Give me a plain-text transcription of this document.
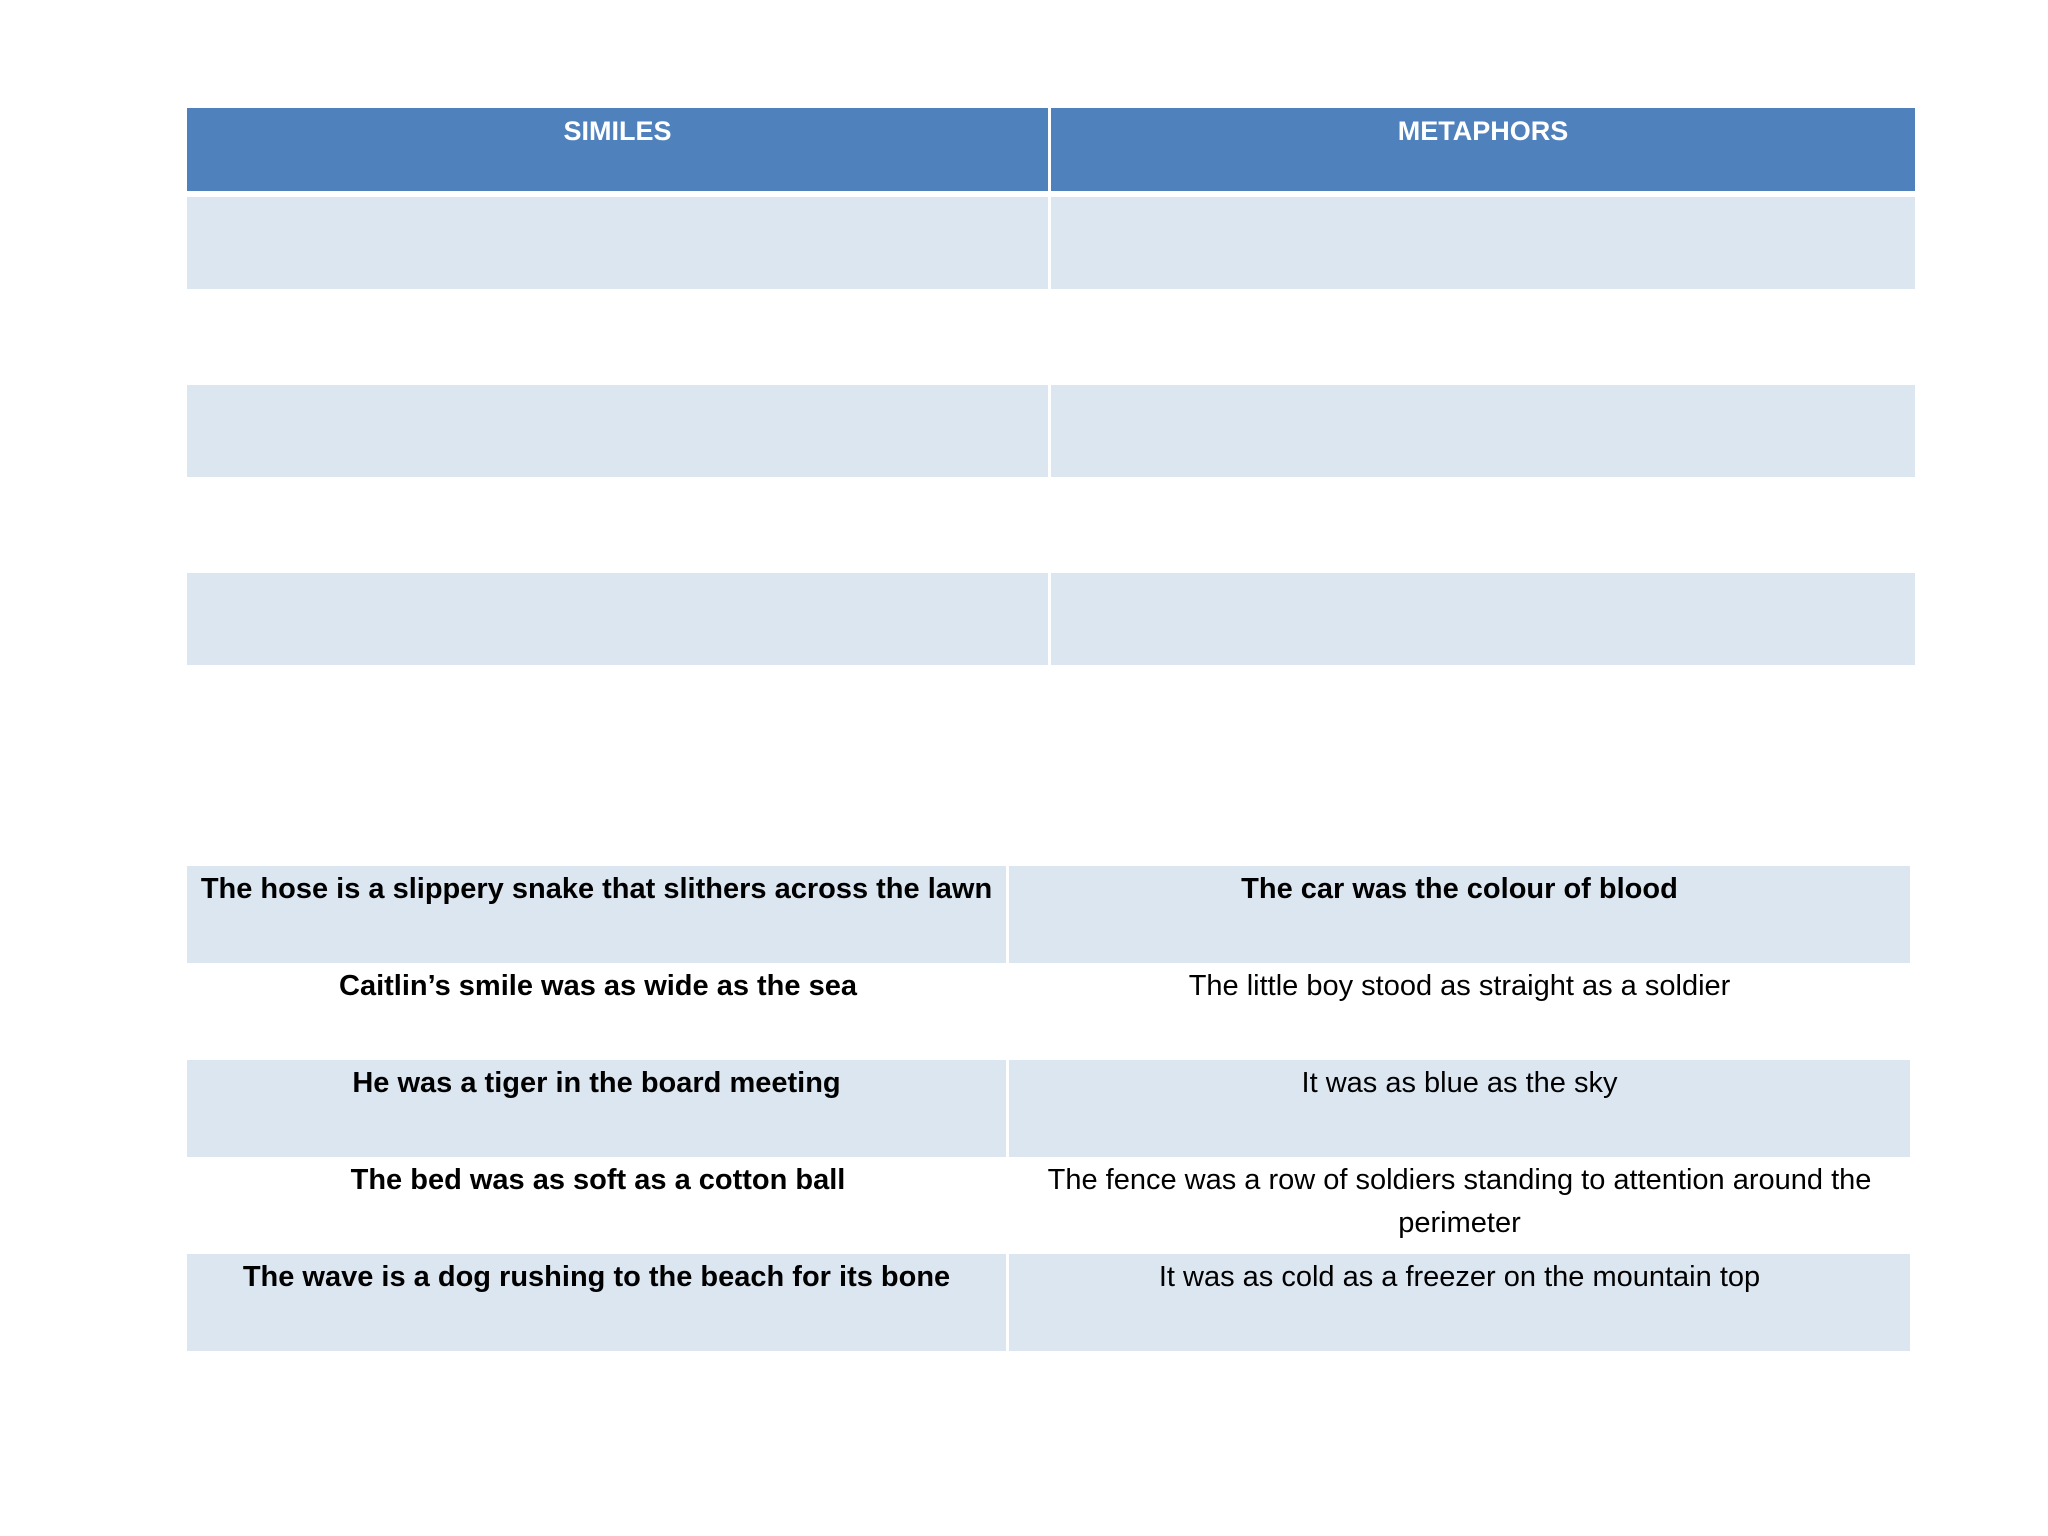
SIMILES	METAPHORS

The hose is a slippery snake that slithers across the lawn	The car was the colour of blood
Caitlin’s smile was as wide as the sea	The little boy stood as straight as a soldier
He was a tiger in the board meeting	It was as blue as the sky
The bed was as soft as a cotton ball	The fence was a row of soldiers standing to attention around the perimeter
The wave is a dog rushing to the beach for its bone	It was as cold as a freezer on the mountain top
